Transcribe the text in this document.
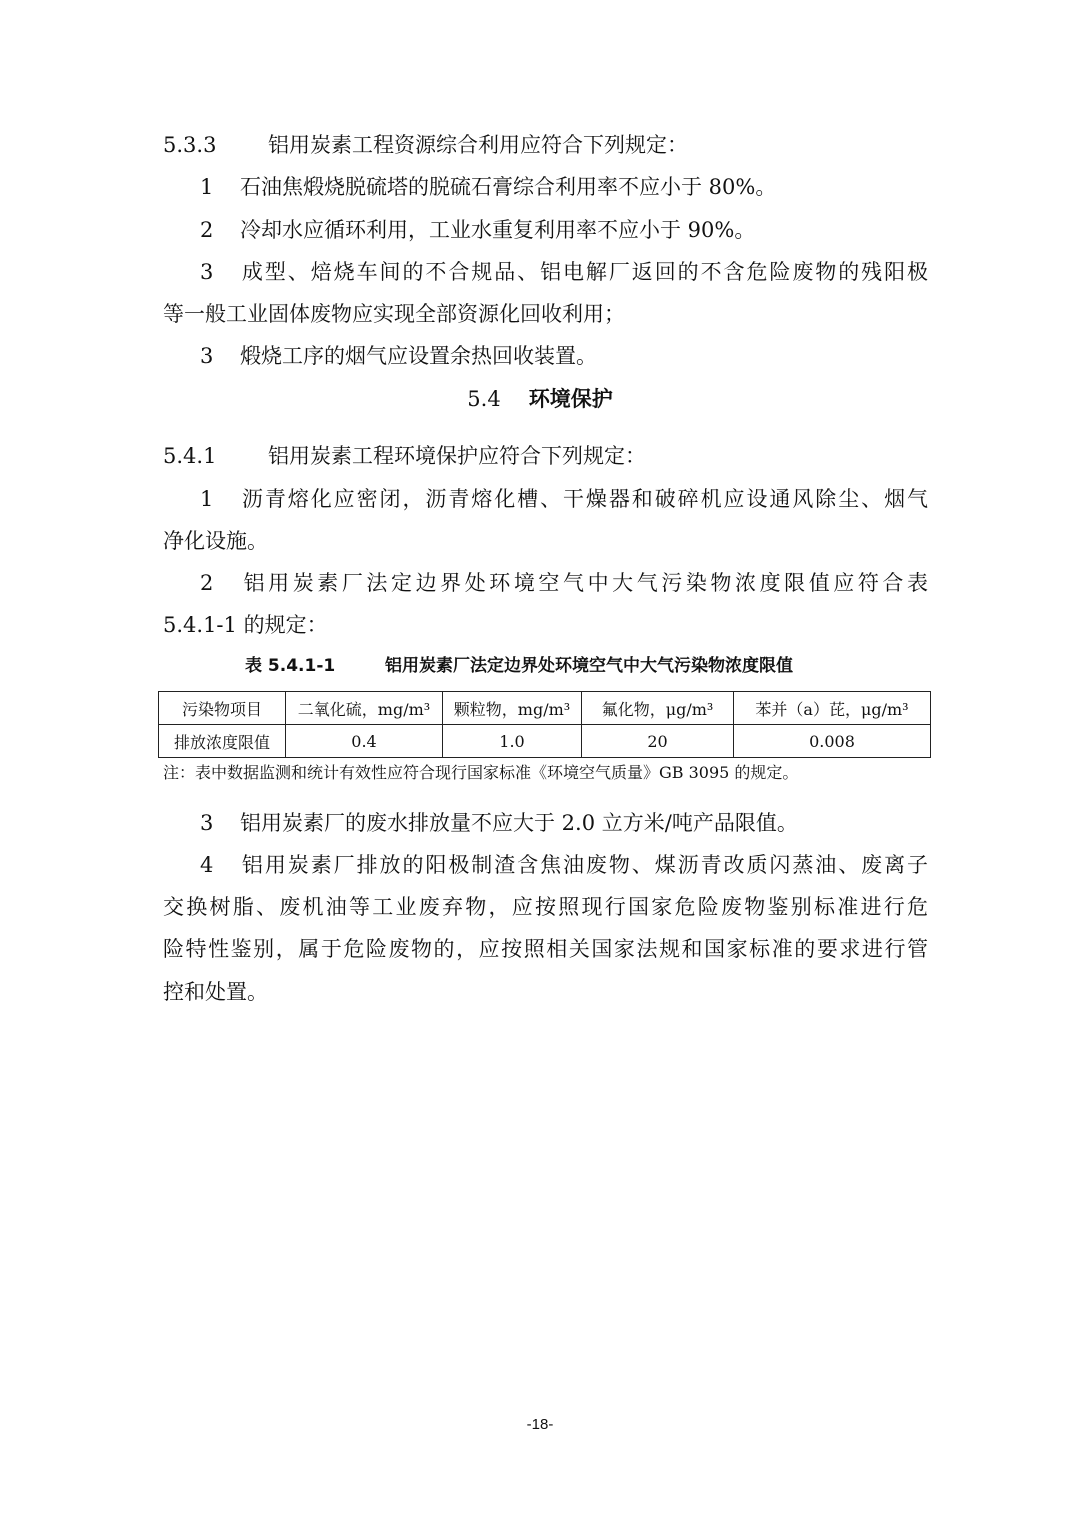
5.3.3 铝用炭素工程资源综合利用应符合下列规定：
1 石油焦煅烧脱硫塔的脱硫石膏综合利用率不应小于 80%。
2 冷却水应循环利用，工业水重复利用率不应小于 90%。
3 成型、焙烧车间的不合规品、铝电解厂返回的不含危险废物的残阳极
等一般工业固体废物应实现全部资源化回收利用；
3 煅烧工序的烟气应设置余热回收装置。
5.4 环境保护
5.4.1 铝用炭素工程环境保护应符合下列规定：
1 沥青熔化应密闭，沥青熔化槽、干燥器和破碎机应设通风除尘、烟气
净化设施。
2 铝用炭素厂法定边界处环境空气中大气污染物浓度限值应符合表
5.4.1-1 的规定：
表 5.4.1-1	铝用炭素厂法定边界处环境空气中大气污染物浓度限值
污染物项目	二氧化硫，mg/m³	颗粒物，mg/m³	氟化物，μg/m³	苯并（a）芘，μg/m³
排放浓度限值	0.4	1.0	20	0.008
注：表中数据监测和统计有效性应符合现行国家标准《环境空气质量》GB 3095 的规定。
3 铝用炭素厂的废水排放量不应大于 2.0 立方米/吨产品限值。
4 铝用炭素厂排放的阳极制渣含焦油废物、煤沥青改质闪蒸油、废离子
交换树脂、废机油等工业废弃物，应按照现行国家危险废物鉴别标准进行危
险特性鉴别，属于危险废物的，应按照相关国家法规和国家标准的要求进行管
控和处置。
-18-
